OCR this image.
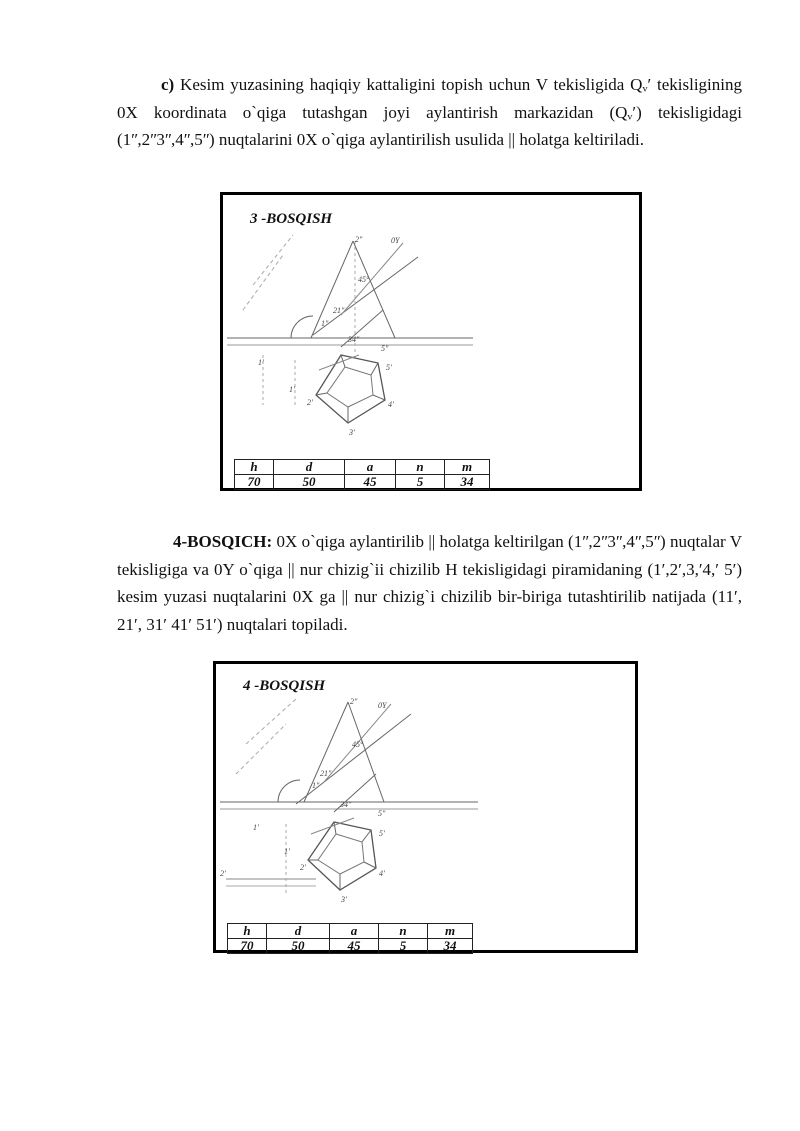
c) Kesim yuzasining haqiqiy kattaligini topish uchun V tekisligida Qᵥʹ tekisligining 0X koordinata o`qiga tutashgan joyi aylantirish markazidan (Qᵥʹ) tekisligidagi (1ʺ,2ʺ3ʺ,4ʺ,5ʺ) nuqtalarini 0X o`qiga aylantirilish usulida || holatga keltiriladi.
3 -BOSQISH
2ʺ	0Y
45°
21ʺ
1ʺ
34ʺ
5ʺ
1ʹ
1ʹ
5ʹ
4ʹ
3ʹ
2ʹ
h	d	a	n	m
70	50	45	5	34
4-BOSQICH: 0X o`qiga aylantirilib || holatga keltirilgan (1ʺ,2ʺ3ʺ,4ʺ,5ʺ) nuqtalar V tekisligiga va 0Y o`qiga || nur chizig`ii chizilib H tekisligidagi piramidaning (1ʹ,2ʹ,3,ʹ4,ʹ 5ʹ) kesim yuzasi nuqtalarini 0X ga || nur chizig`i chizilib bir-biriga tutashtirilib natijada (11ʹ, 21ʹ, 31ʹ 41ʹ 51ʹ) nuqtalari topiladi.
4 -BOSQISH
2ʺ	0Y
45°
21ʺ
1ʺ
34ʺ
5ʺ
1ʹ
1ʹ
5ʹ
4ʹ
3ʹ
2ʹ
2ʹ
h	d	a	n	m
70	50	45	5	34
